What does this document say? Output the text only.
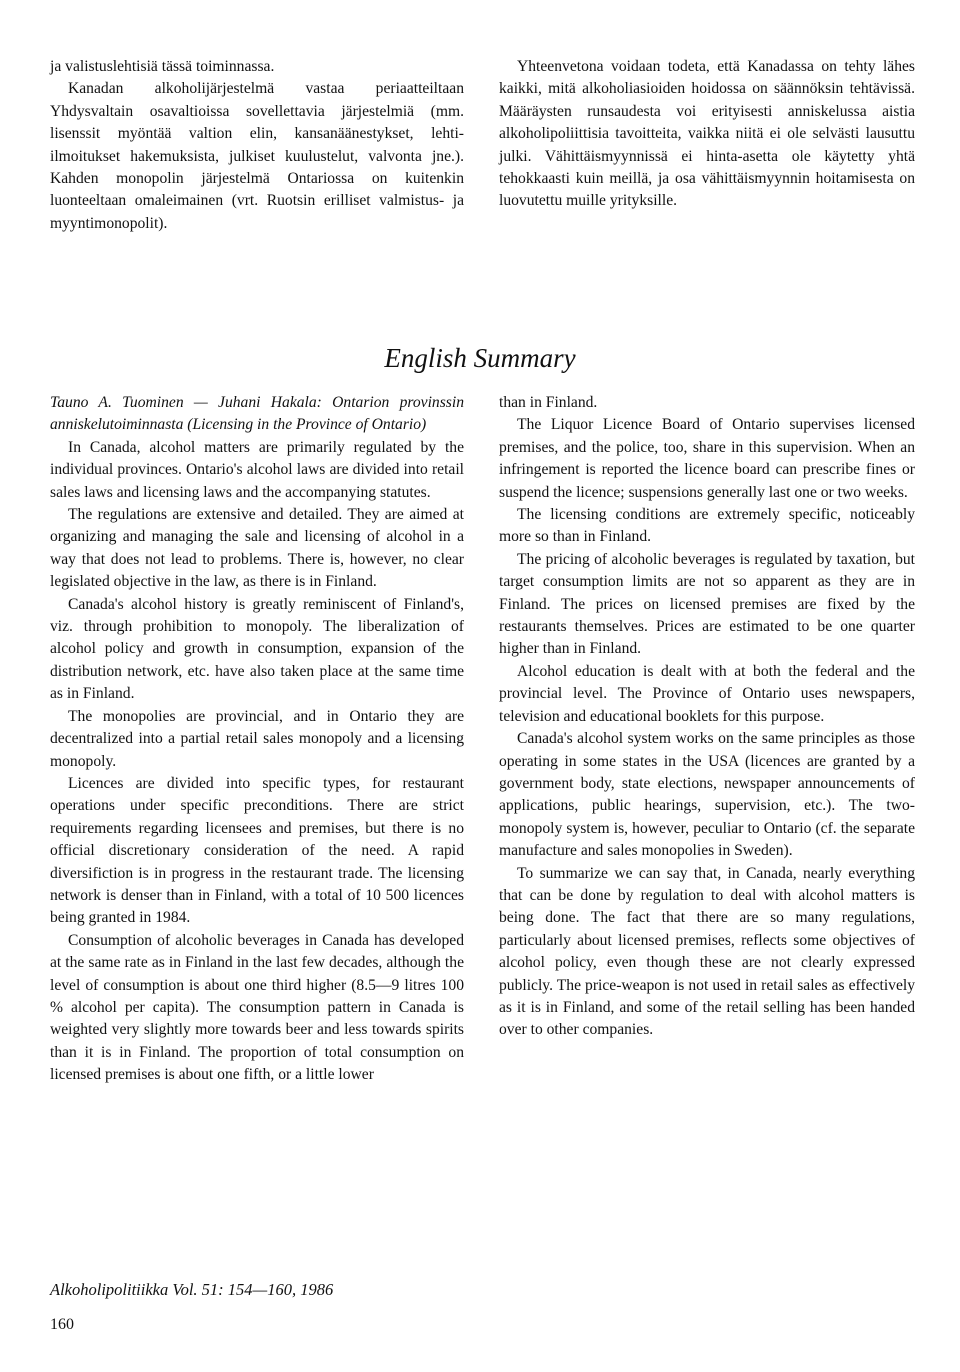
ja valistuslehtisiä tässä toiminnassa.

Kanadan alkoholijärjestelmä vastaa periaatteiltaan Yhdysvaltain osavaltioissa sovellettavia järjestelmiä (mm. lisenssit myöntää valtion elin, kansanäänestykset, lehti-ilmoitukset hakemuksista, julkiset kuulustelut, valvonta jne.). Kahden monopolin järjestelmä Ontariossa on kuitenkin luonteeltaan omaleimainen (vrt. Ruotsin erilliset valmistus- ja myyntimonopolit).

Yhteenvetona voidaan todeta, että Kanadassa on tehty lähes kaikki, mitä alkoholiasioiden hoidossa on säännöksin tehtävissä. Määräysten runsaudesta voi erityisesti anniskelussa aistia alkoholipoliittisia tavoitteita, vaikka niitä ei ole selvästi lausuttu julki. Vähittäismyynnissä ei hinta-asetta ole käytetty yhtä tehokkaasti kuin meillä, ja osa vähittäismyynnin hoitamisesta on luovutettu muille yrityksille.

English Summary

Tauno A. Tuominen — Juhani Hakala: Ontarion provinssin anniskelutoiminnasta (Licensing in the Province of Ontario)

In Canada, alcohol matters are primarily regulated by the individual provinces. Ontario's alcohol laws are divided into retail sales laws and licensing laws and the accompanying statutes.

The regulations are extensive and detailed. They are aimed at organizing and managing the sale and licensing of alcohol in a way that does not lead to problems. There is, however, no clear legislated objective in the law, as there is in Finland.

Canada's alcohol history is greatly reminiscent of Finland's, viz. through prohibition to monopoly. The liberalization of alcohol policy and growth in consumption, expansion of the distribution network, etc. have also taken place at the same time as in Finland.

The monopolies are provincial, and in Ontario they are decentralized into a partial retail sales monopoly and a licensing monopoly.

Licences are divided into specific types, for restaurant operations under specific preconditions. There are strict requirements regarding licensees and premises, but there is no official discretionary consideration of the need. A rapid diversifiction is in progress in the restaurant trade. The licensing network is denser than in Finland, with a total of 10 500 licences being granted in 1984.

Consumption of alcoholic beverages in Canada has developed at the same rate as in Finland in the last few decades, although the level of consumption is about one third higher (8.5—9 litres 100 % alcohol per capita). The consumption pattern in Canada is weighted very slightly more towards beer and less towards spirits than it is in Finland. The proportion of total consumption on licensed premises is about one fifth, or a little lower

than in Finland.

The Liquor Licence Board of Ontario supervises licensed premises, and the police, too, share in this supervision. When an infringement is reported the licence board can prescribe fines or suspend the licence; suspensions generally last one or two weeks.

The licensing conditions are extremely specific, noticeably more so than in Finland.

The pricing of alcoholic beverages is regulated by taxation, but target consumption limits are not so apparent as they are in Finland. The prices on licensed premises are fixed by the restaurants themselves. Prices are estimated to be one quarter higher than in Finland.

Alcohol education is dealt with at both the federal and the provincial level. The Province of Ontario uses newspapers, television and educational booklets for this purpose.

Canada's alcohol system works on the same principles as those operating in some states in the USA (licences are granted by a government body, state elections, newspaper announcements of applications, public hearings, supervision, etc.). The two-monopoly system is, however, peculiar to Ontario (cf. the separate manufacture and sales monopolies in Sweden).

To summarize we can say that, in Canada, nearly everything that can be done by regulation to deal with alcohol matters is being done. The fact that there are so many regulations, particularly about licensed premises, reflects some objectives of alcohol policy, even though these are not clearly expressed publicly. The price-weapon is not used in retail sales as effectively as it is in Finland, and some of the retail selling has been handed over to other companies.

Alkoholipolitiikka Vol. 51: 154—160, 1986
160
